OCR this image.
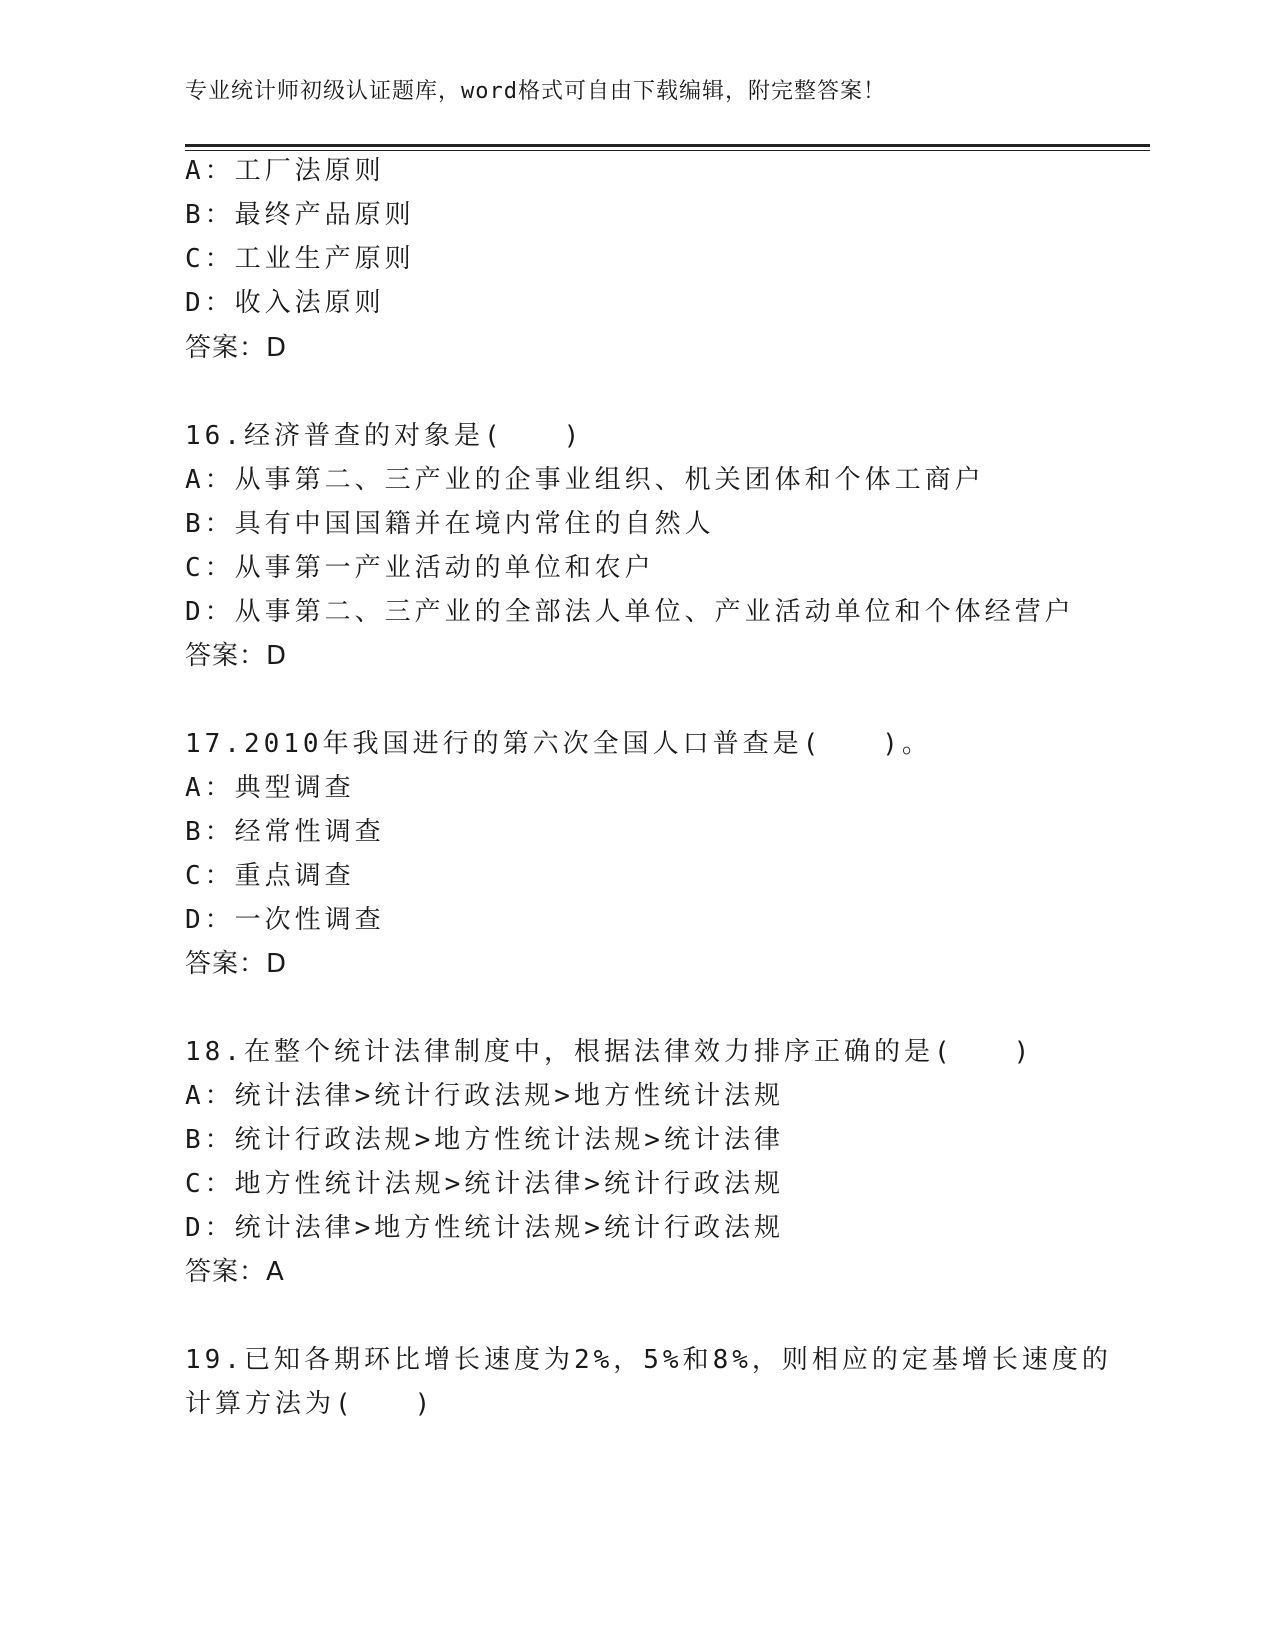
专业统计师初级认证题库，word格式可自由下载编辑，附完整答案！
A：工厂法原则
B：最终产品原则
C：工业生产原则
D：收入法原则
答案：D
16.经济普查的对象是(　　)
A：从事第二、三产业的企事业组织、机关团体和个体工商户
B：具有中国国籍并在境内常住的自然人
C：从事第一产业活动的单位和农户
D：从事第二、三产业的全部法人单位、产业活动单位和个体经营户
答案：D
17.2010年我国进行的第六次全国人口普查是(　　)。
A：典型调查
B：经常性调查
C：重点调查
D：一次性调查
答案：D
18.在整个统计法律制度中，根据法律效力排序正确的是(　　)
A：统计法律>统计行政法规>地方性统计法规
B：统计行政法规>地方性统计法规>统计法律
C：地方性统计法规>统计法律>统计行政法规
D：统计法律>地方性统计法规>统计行政法规
答案：A
19.已知各期环比增长速度为2%，5%和8%，则相应的定基增长速度的
计算方法为(　　)
